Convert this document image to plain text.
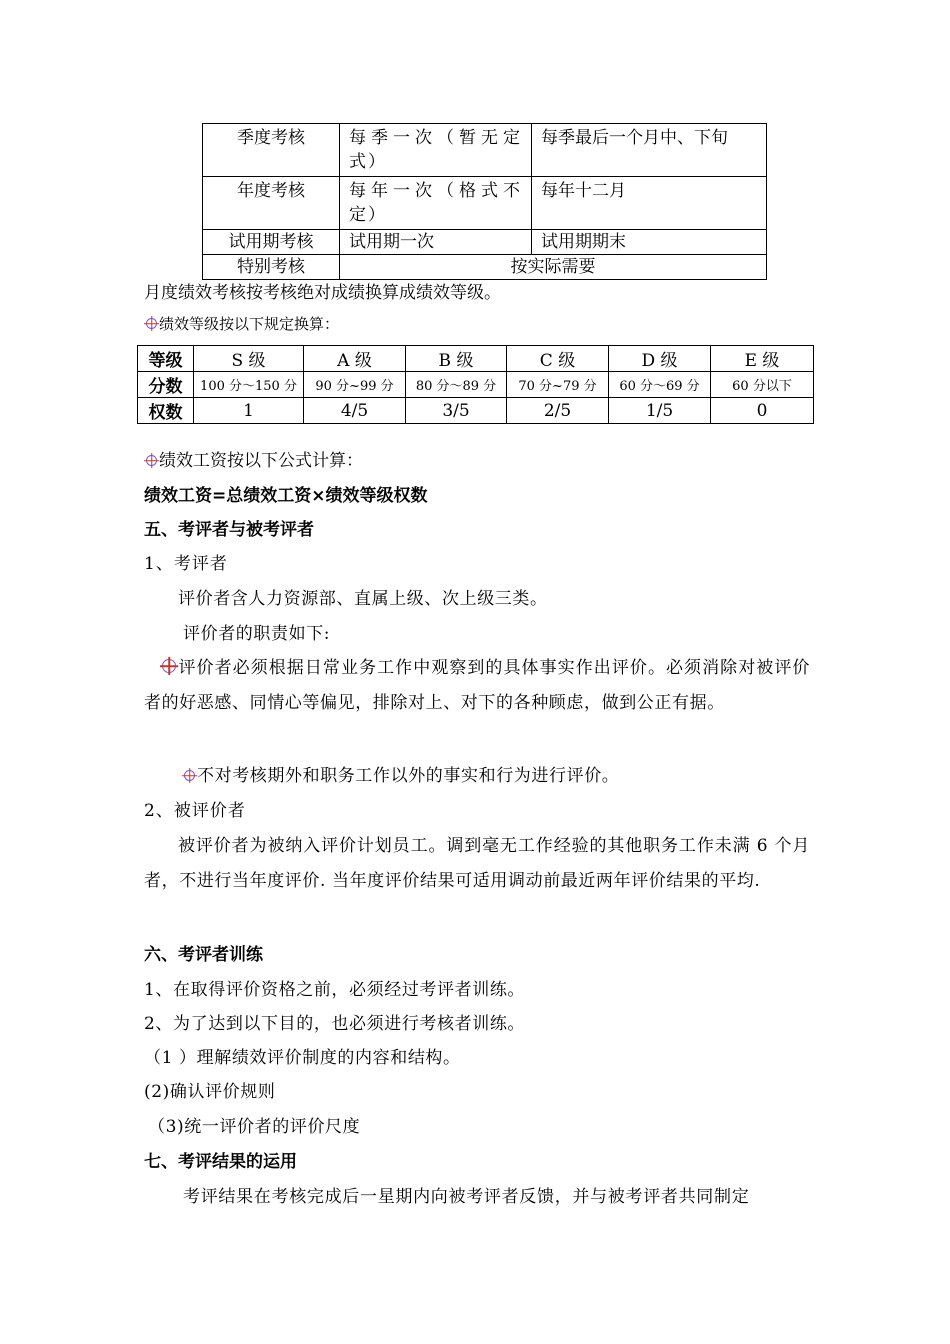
季度考核	每季一次（暂无定式）	每季最后一个月中、下旬
年度考核	每年一次（格式不定）	每年十二月
试用期考核	试用期一次	试用期期末
特别考核	按实际需要	
月度绩效考核按考核绝对成绩换算成绩效等级。
绩效等级按以下规定换算：
等级	S 级	A 级	B 级	C 级	D 级	E 级
分数	100 分～150 分	90 分~99 分	80 分～89 分	70 分~79 分	60 分～69 分	60 分以下
权数	1	4/5	3/5	2/5	1/5	0
绩效工资按以下公式计算：
绩效工资=总绩效工资×绩效等级权数
五、考评者与被考评者
1、考评者
评价者含人力资源部、直属上级、次上级三类。
评价者的职责如下:
评价者必须根据日常业务工作中观察到的具体事实作出评价。必须消除对被评价者的好恶感、同情心等偏见，排除对上、对下的各种顾虑，做到公正有据。
不对考核期外和职务工作以外的事实和行为进行评价。
2、被评价者
被评价者为被纳入评价计划员工。调到毫无工作经验的其他职务工作未满 6 个月者，不进行当年度评价. 当年度评价结果可适用调动前最近两年评价结果的平均.
六、考评者训练
1、在取得评价资格之前，必须经过考评者训练。
2、为了达到以下目的，也必须进行考核者训练。
（1 ）理解绩效评价制度的内容和结构。
(2)确认评价规则
（3)统一评价者的评价尺度
七、考评结果的运用
考评结果在考核完成后一星期内向被考评者反馈，并与被考评者共同制定
